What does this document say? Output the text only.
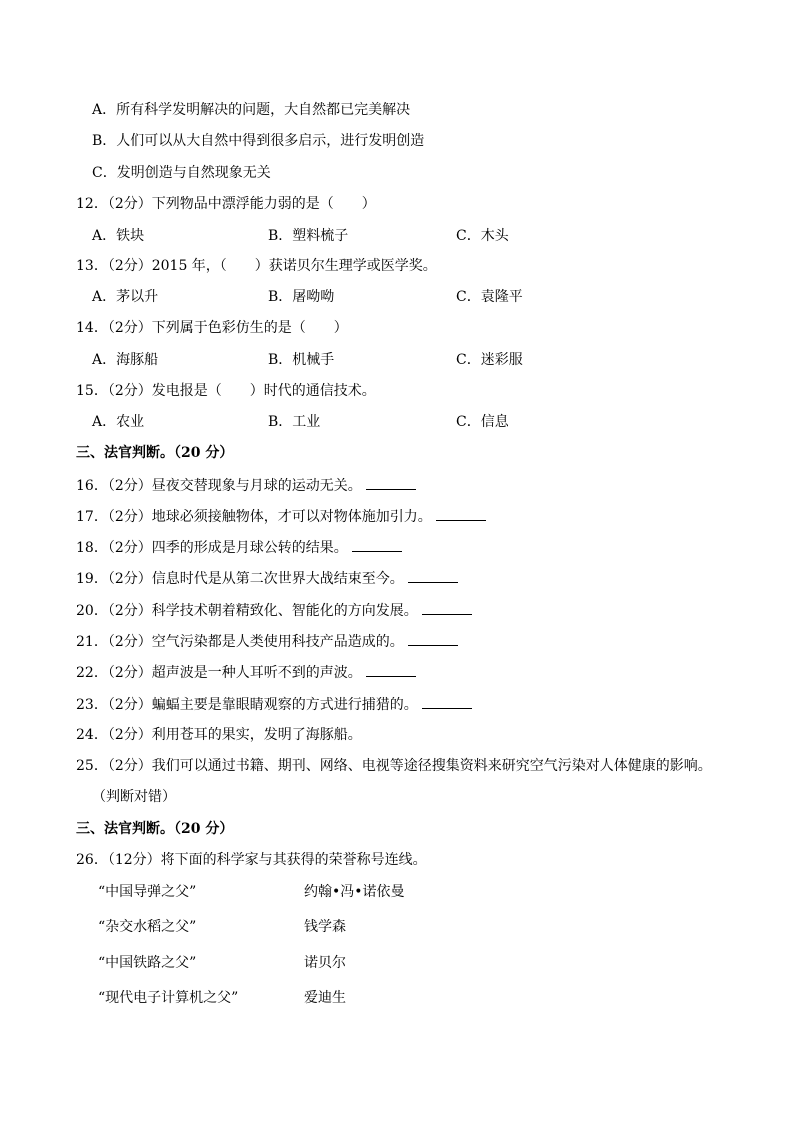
A．所有科学发明解决的问题，大自然都已完美解决
B．人们可以从大自然中得到很多启示，进行发明创造
C．发明创造与自然现象无关
12．（2分）下列物品中漂浮能力弱的是（　　）
A．铁块	B．塑料梳子	C．木头
13．（2分）2015 年，（　　）获诺贝尔生理学或医学奖。
A．茅以升	B．屠呦呦	C．袁隆平
14．（2分）下列属于色彩仿生的是（　　）
A．海豚船	B．机械手	C．迷彩服
15．（2分）发电报是（　　）时代的通信技术。
A．农业	B．工业	C．信息
三、法官判断。（20 分）
16．（2分）昼夜交替现象与月球的运动无关。
17．（2分）地球必须接触物体，才可以对物体施加引力。
18．（2分）四季的形成是月球公转的结果。
19．（2分）信息时代是从第二次世界大战结束至今。
20．（2分）科学技术朝着精致化、智能化的方向发展。
21．（2分）空气污染都是人类使用科技产品造成的。
22．（2分）超声波是一种人耳听不到的声波。
23．（2分）蝙蝠主要是靠眼睛观察的方式进行捕猎的。
24．（2分）利用苍耳的果实，发明了海豚船。
25．（2分）我们可以通过书籍、期刊、网络、电视等途径搜集资料来研究空气污染对人体健康的影响。
（判断对错）
三、法官判断。（20 分）
26．（12分）将下面的科学家与其获得的荣誉称号连线。
“中国导弹之父”	约翰•冯•诺依曼
“杂交水稻之父”	钱学森
“中国铁路之父”	诺贝尔
“现代电子计算机之父”	爱迪生
